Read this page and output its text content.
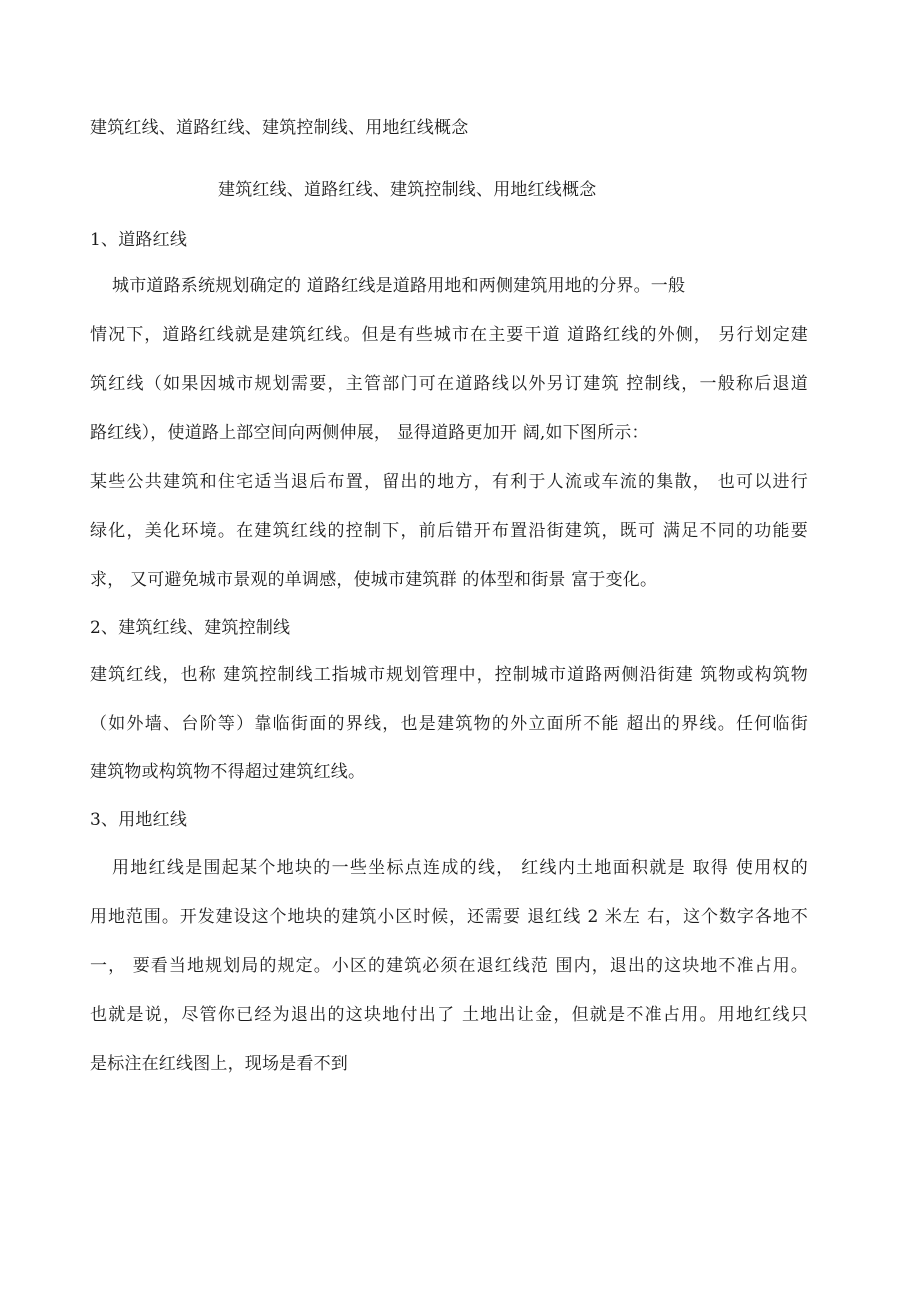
建筑红线、道路红线、建筑控制线、用地红线概念
建筑红线、道路红线、建筑控制线、用地红线概念
1、道路红线
城市道路系统规划确定的 道路红线是道路用地和两侧建筑用地的分界。一般
情况下，道路红线就是建筑红线。但是有些城市在主要干道 道路红线的外侧， 另行划定建
筑红线（如果因城市规划需要，主管部门可在道路线以外另订建筑 控制线，一般称后退道
路红线），使道路上部空间向两侧伸展， 显得道路更加开 阔,如下图所示：
某些公共建筑和住宅适当退后布置，留出的地方，有利于人流或车流的集散， 也可以进行
绿化，美化环境。在建筑红线的控制下，前后错开布置沿街建筑，既可 满足不同的功能要
求， 又可避免城市景观的单调感，使城市建筑群 的体型和街景 富于变化。
2、建筑红线、建筑控制线
建筑红线，也称 建筑控制线工指城市规划管理中，控制城市道路两侧沿街建 筑物或构筑物
（如外墙、台阶等）靠临街面的界线，也是建筑物的外立面所不能 超出的界线。任何临街
建筑物或构筑物不得超过建筑红线。
3、用地红线
用地红线是围起某个地块的一些坐标点连成的线， 红线内土地面积就是 取得 使用权的
用地范围。开发建设这个地块的建筑小区时候，还需要 退红线 2 米左 右，这个数字各地不
一， 要看当地规划局的规定。小区的建筑必须在退红线范 围内，退出的这块地不准占用。
也就是说，尽管你已经为退出的这块地付出了 土地出让金，但就是不准占用。用地红线只
是标注在红线图上，现场是看不到
